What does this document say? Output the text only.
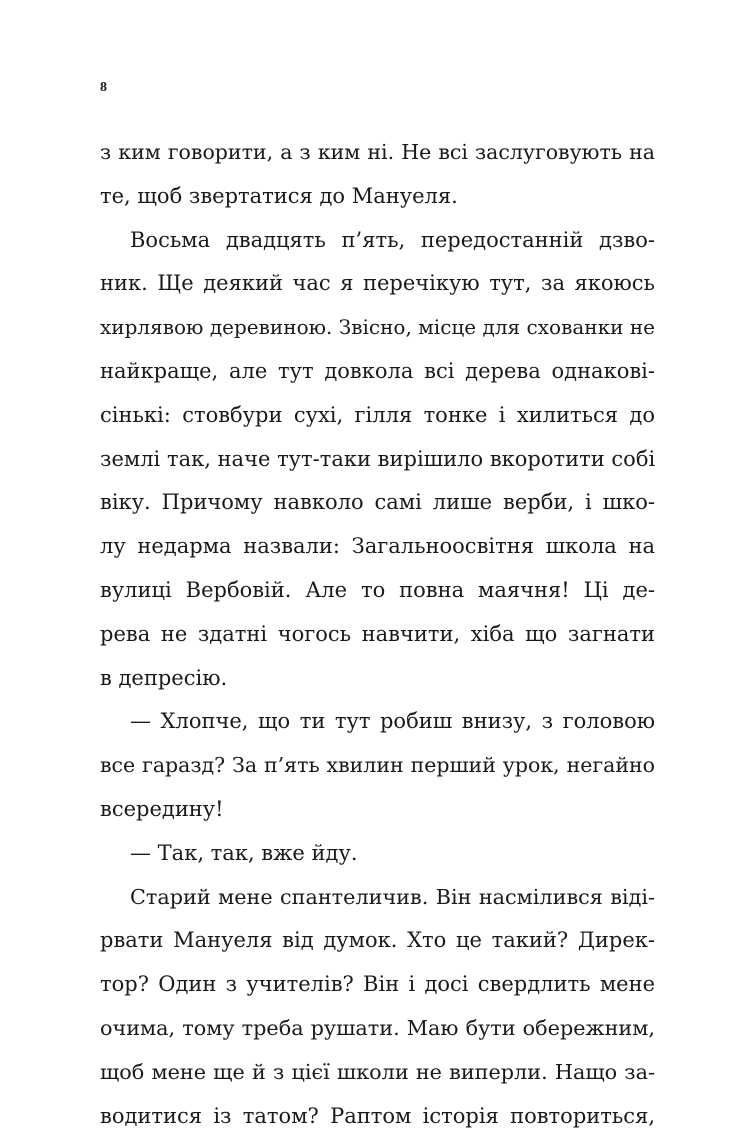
8
з ким говорити, а з ким ні. Не всі заслуговують на
те, щоб звертатися до Мануеля.
Восьма двадцять п’ять, передостанній дзво-
ник. Ще деякий час я перечікую тут, за якоюсь
хирлявою деревиною. Звісно, місце для схованки не
найкраще, але тут довкола всі дерева однакові-
сінькі: стовбури сухі, гілля тонке і хилиться до
землі так, наче тут-таки вирішило вкоротити собі
віку. Причому навколо самі лише верби, і шко-
лу недарма назвали: Загальноосвітня школа на
вулиці Вербовій. Але то повна маячня! Ці де-
рева не здатні чогось навчити, хіба що загнати
в депресію.
— Хлопче, що ти тут робиш внизу, з головою
все гаразд? За п’ять хвилин перший урок, негайно
всередину!
— Так, так, вже йду.
Старий мене спантеличив. Він насмілився віді-
рвати Мануеля від думок. Хто це такий? Дирек-
тор? Один з учителів? Він і досі свердлить мене
очима, тому треба рушати. Маю бути обережним,
щоб мене ще й з цієї школи не виперли. Нащо за-
водитися із татом? Раптом історія повториться,
